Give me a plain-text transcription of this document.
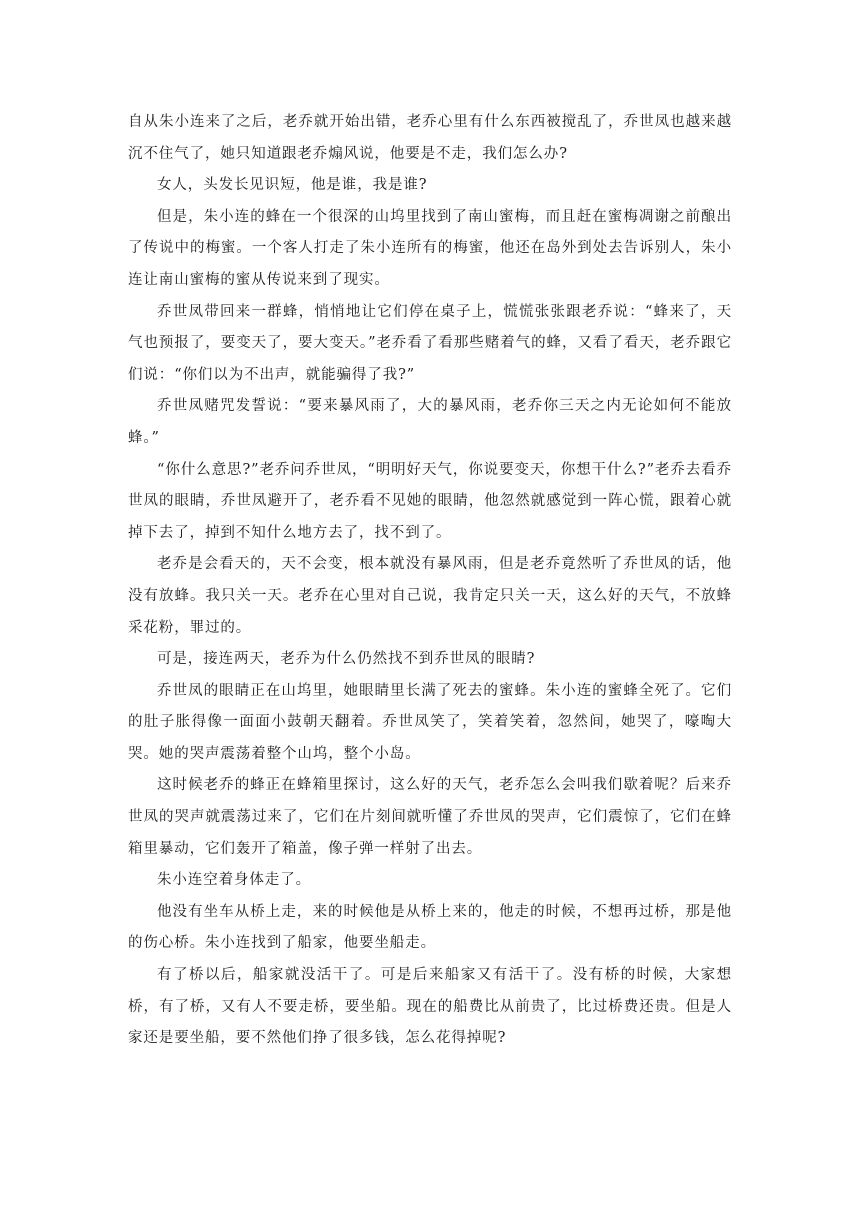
自从朱小连来了之后，老乔就开始出错，老乔心里有什么东西被搅乱了，乔世凤也越来越沉不住气了，她只知道跟老乔煽风说，他要是不走，我们怎么办?

女人，头发长见识短，他是谁，我是谁?

但是，朱小连的蜂在一个很深的山坞里找到了南山蜜梅，而且赶在蜜梅凋谢之前酿出了传说中的梅蜜。一个客人打走了朱小连所有的梅蜜，他还在岛外到处去告诉别人，朱小连让南山蜜梅的蜜从传说来到了现实。

乔世凤带回来一群蜂，悄悄地让它们停在桌子上，慌慌张张跟老乔说：“蜂来了，天气也预报了，要变天了，要大变天。”老乔看了看那些赌着气的蜂，又看了看天，老乔跟它们说：“你们以为不出声，就能骗得了我?”

乔世凤赌咒发誓说：“要来暴风雨了，大的暴风雨，老乔你三天之内无论如何不能放蜂。”

“你什么意思?”老乔问乔世凤，“明明好天气，你说要变天，你想干什么?”老乔去看乔世凤的眼睛，乔世凤避开了，老乔看不见她的眼睛，他忽然就感觉到一阵心慌，跟着心就掉下去了，掉到不知什么地方去了，找不到了。

老乔是会看天的，天不会变，根本就没有暴风雨，但是老乔竟然听了乔世凤的话，他没有放蜂。我只关一天。老乔在心里对自己说，我肯定只关一天，这么好的天气，不放蜂采花粉，罪过的。

可是，接连两天，老乔为什么仍然找不到乔世凤的眼睛?

乔世凤的眼睛正在山坞里，她眼睛里长满了死去的蜜蜂。朱小连的蜜蜂全死了。它们的肚子胀得像一面面小鼓朝天翻着。乔世凤笑了，笑着笑着，忽然间，她哭了，嚎啕大哭。她的哭声震荡着整个山坞，整个小岛。

这时候老乔的蜂正在蜂箱里探讨，这么好的天气，老乔怎么会叫我们歇着呢？后来乔世凤的哭声就震荡过来了，它们在片刻间就听懂了乔世凤的哭声，它们震惊了，它们在蜂箱里暴动，它们轰开了箱盖，像子弹一样射了出去。

朱小连空着身体走了。

他没有坐车从桥上走，来的时候他是从桥上来的，他走的时候，不想再过桥，那是他的伤心桥。朱小连找到了船家，他要坐船走。

有了桥以后，船家就没活干了。可是后来船家又有活干了。没有桥的时候，大家想桥，有了桥，又有人不要走桥，要坐船。现在的船费比从前贵了，比过桥费还贵。但是人家还是要坐船，要不然他们挣了很多钱，怎么花得掉呢?
